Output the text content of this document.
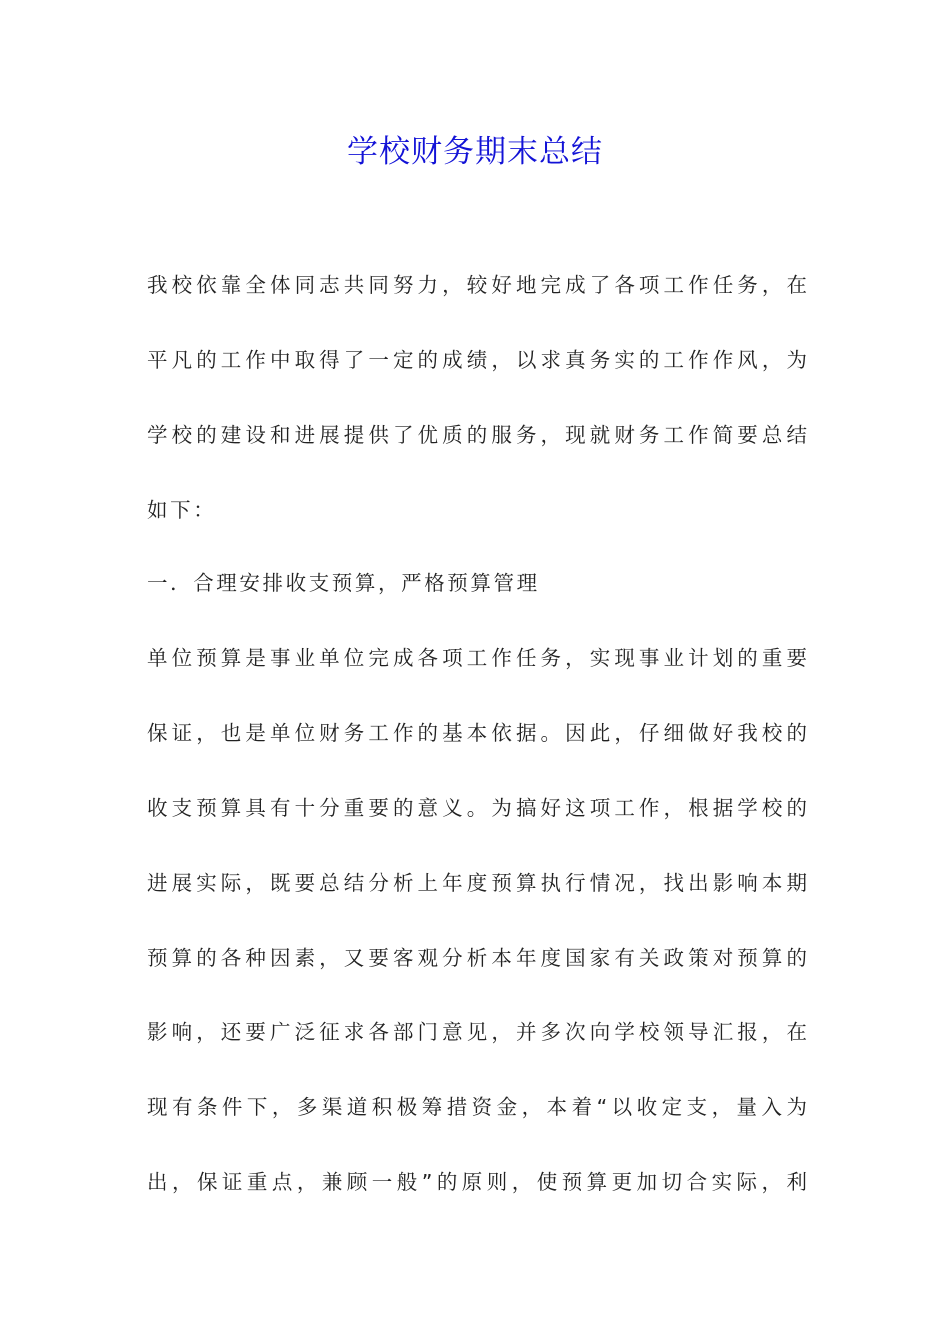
学校财务期末总结

我校依靠全体同志共同努力，较好地完成了各项工作任务，在

平凡的工作中取得了一定的成绩，以求真务实的工作作风，为

学校的建设和进展提供了优质的服务，现就财务工作简要总结

如下：

一．合理安排收支预算，严格预算管理

单位预算是事业单位完成各项工作任务，实现事业计划的重要

保证，也是单位财务工作的基本依据。因此，仔细做好我校的

收支预算具有十分重要的意义。为搞好这项工作，根据学校的

进展实际，既要总结分析上年度预算执行情况，找出影响本期

预算的各种因素，又要客观分析本年度国家有关政策对预算的

影响，还要广泛征求各部门意见，并多次向学校领导汇报，在

现有条件下，多渠道积极筹措资金，本着“以收定支，量入为

出，保证重点，兼顾一般”的原则，使预算更加切合实际，利
